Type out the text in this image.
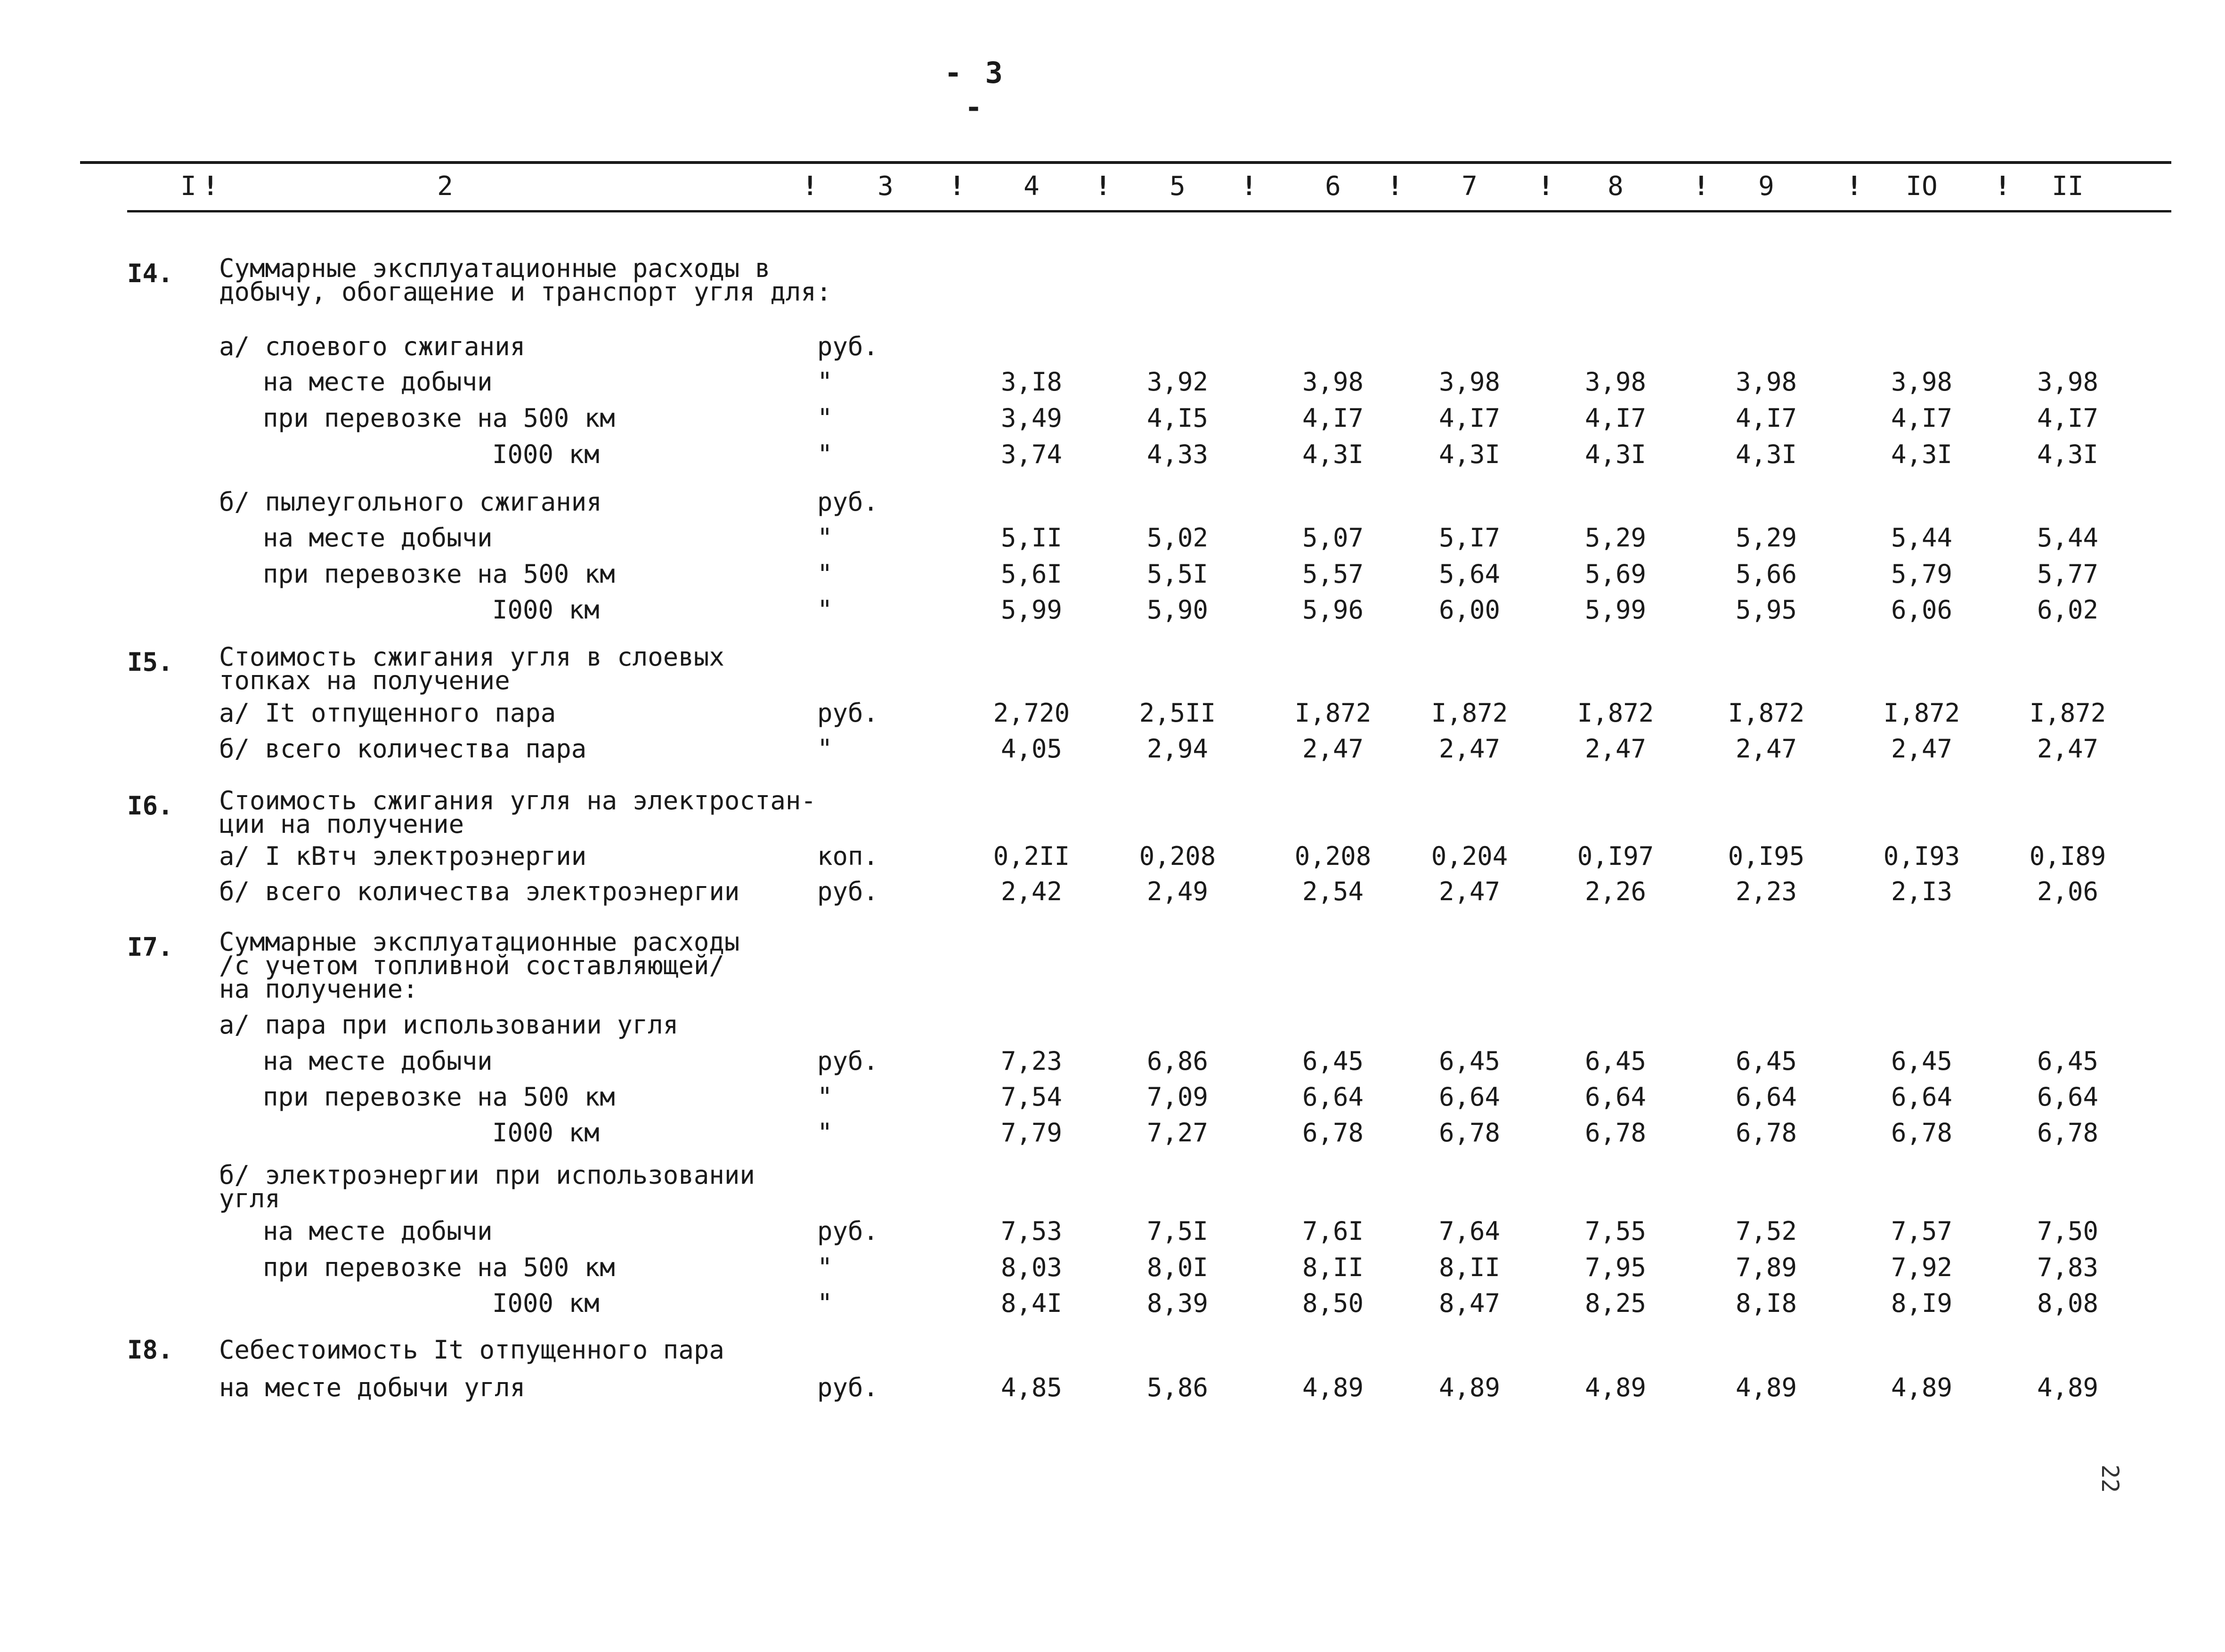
- 3 -
I	2	3	4	5	6	7	8	9	IO	II
!	!	!	!	!	!	!	!	!	!
I4. Суммарные эксплуатационные расходы в
добычу, обогащение и транспорт угля для:
а/ слоевого сжигания	руб.
на месте добычи	"	3,I8	3,92	3,98	3,98	3,98	3,98	3,98	3,98
при перевозке на 500 км	"	3,49	4,I5	4,I7	4,I7	4,I7	4,I7	4,I7	4,I7
I000 км	"	3,74	4,33	4,3I	4,3I	4,3I	4,3I	4,3I	4,3I
б/ пылеугольного сжигания	руб.
на месте добычи	"	5,II	5,02	5,07	5,I7	5,29	5,29	5,44	5,44
при перевозке на 500 км	"	5,6I	5,5I	5,57	5,64	5,69	5,66	5,79	5,77
I000 км	"	5,99	5,90	5,96	6,00	5,99	5,95	6,06	6,02
I5. Стоимость сжигания угля в слоевых
топках на получение
а/ It отпущенного пара	руб.	2,720	2,5II	I,872 I,872	I,872	I,872	I,872	I,872
б/ всего количества пара	"	4,05	2,94	2,47	2,47	2,47	2,47	2,47	2,47
I6. Стоимость сжигания угля на электростан-
ции на получение
а/ I кВтч электроэнергии	коп.	0,2II	0,208	0,208 0,204	0,I97	0,I95	0,I93	0,I89
б/ всего количества электроэнергии	руб.	2,42	2,49	2,54	2,47	2,26	2,23	2,I3	2,06
I7. Суммарные эксплуатационные расходы
/с учетом топливной составляющей/
на получение:
а/ пара при использовании угля
на месте добычи	руб.	7,23	6,86	6,45	6,45	6,45	6,45	6,45	6,45
при перевозке на 500 км	"	7,54	7,09	6,64	6,64	6,64	6,64	6,64	6,64
I000 км	"	7,79	7,27	6,78	6,78	6,78	6,78	6,78	6,78
б/ электроэнергии при использовании
угля
на месте добычи	руб.	7,53	7,5I	7,6I	7,64	7,55	7,52	7,57	7,50
при перевозке на 500 км	"	8,03	8,0I	8,II	8,II	7,95	7,89	7,92	7,83
I000 км	"	8,4I	8,39	8,50	8,47	8,25	8,I8	8,I9	8,08
I8. Себестоимость It отпущенного пара
на месте добычи угля	руб.	4,85	5,86	4,89	4,89	4,89	4,89	4,89	4,89
22
